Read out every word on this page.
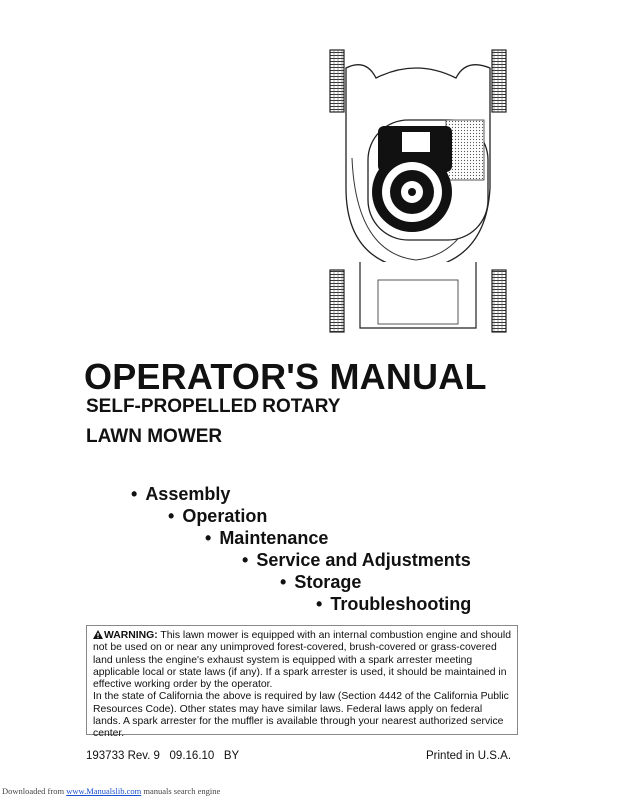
OPERATOR'S MANUAL
SELF-PROPELLED ROTARY
LAWN MOWER
• Assembly
• Operation
• Maintenance
• Service and Adjustments
• Storage
• Troubleshooting

WARNING: This lawn mower is equipped with an internal combustion engine and should not be used on or near any unimproved forest-covered, brush-covered or grass-covered land unless the engine's exhaust system is equipped with a spark arrester meeting applicable local or state laws (if any). If a spark arrester is used, it should be maintained in effective working order by the operator.

In the state of California the above is required by law (Section 4442 of the California Public Resources Code). Other states may have similar laws. Federal laws apply on federal lands. A spark arrester for the muffler is available through your nearest authorized service center.

193733 Rev. 9   09.16.10   BY	Printed in U.S.A.
Downloaded from www.Manualslib.com manuals search engine
